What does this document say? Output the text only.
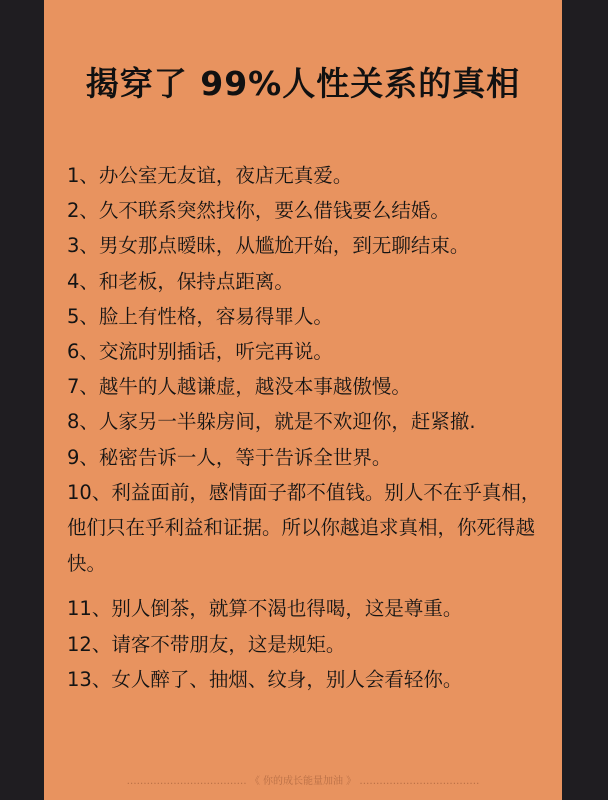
揭穿了 99%人性关系的真相
1、办公室无友谊，夜店无真爱。
2、久不联系突然找你，要么借钱要么结婚。
3、男女那点暧昧，从尴尬开始，到无聊结束。
4、和老板，保持点距离。
5、脸上有性格，容易得罪人。
6、交流时别插话，听完再说。
7、越牛的人越谦虚，越没本事越傲慢。
8、人家另一半躲房间，就是不欢迎你，赶紧撤.
9、秘密告诉一人，等于告诉全世界。
10、利益面前，感情面子都不值钱。别人不在乎真相，他们只在乎利益和证据。所以你越追求真相，你死得越快。
11、别人倒茶，就算不渴也得喝，这是尊重。
12、请客不带朋友，这是规矩。
13、女人醉了、抽烟、纹身，别人会看轻你。
……………………………… 《 你的成长能量加油 》 ………………………………
